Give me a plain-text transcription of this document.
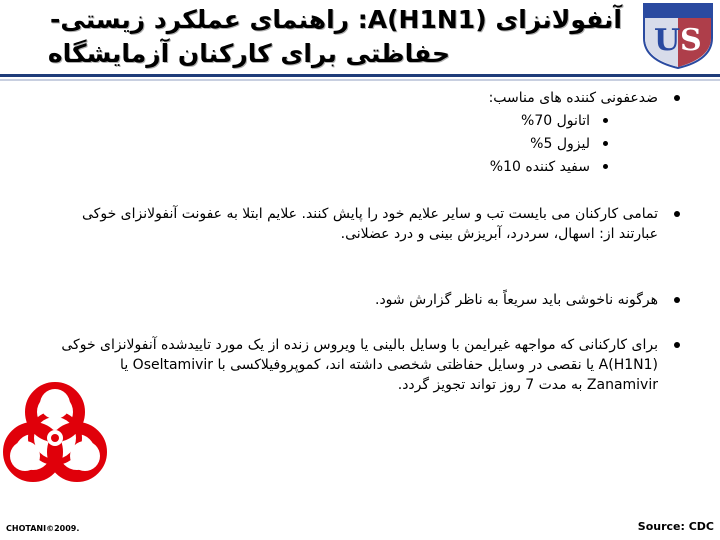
آنفولانزای A(H1N1): راهنمای عملکرد زیستی-
حفاظتی برای کارکنان آزمایشگاه	U S
ضدعفونی کننده های مناسب:
اتانول 70%
لیزول 5%
سفید کننده 10%
تمامی کارکنان می بایست تب و سایر علایم خود را پایش کنند. علایم ابتلا به عفونت آنفولانزای خوکی عبارتند از: اسهال، سردرد، آبریزش بینی و درد عضلانی.
هرگونه ناخوشی باید سریعاً به ناظر گزارش شود.
برای کارکنانی که مواجهه غیرایمن با وسایل بالینی یا ویروس زنده از یک مورد تاییدشده آنفولانزای خوکی (H1N1)A یا نقصی در وسایل حفاظتی شخصی داشته اند، کموپروفیلاکسی با Oseltamivir یا Zanamivir به مدت 7 روز تواند تجویز گردد.
CHOTANI©2009.	Source: CDC
